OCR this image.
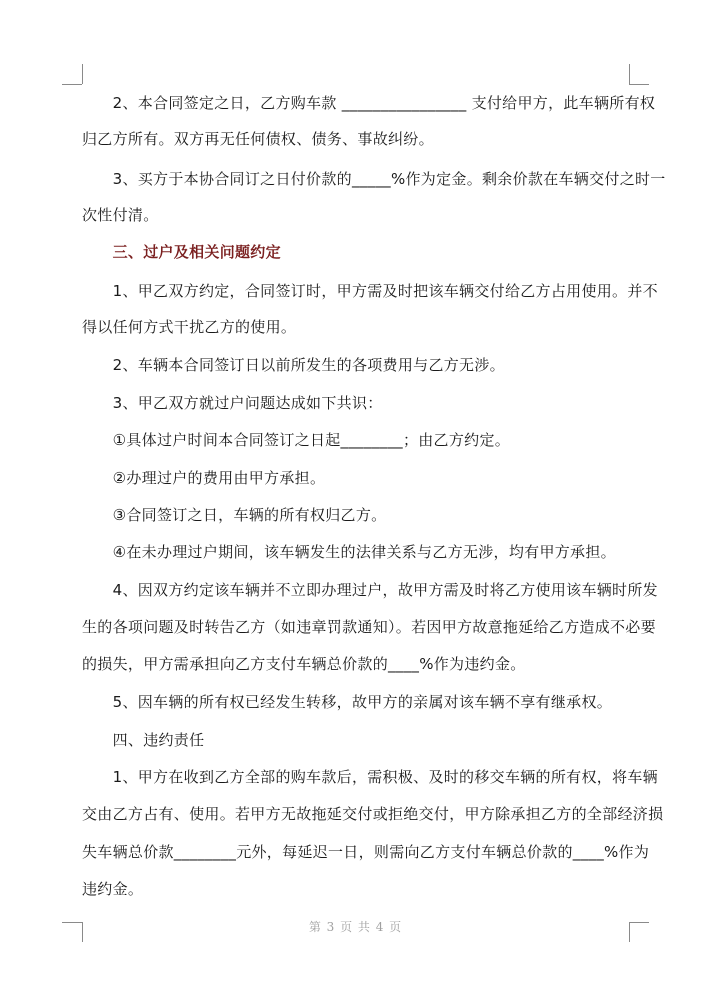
　　2、本合同签定之日，乙方购车款 ________________ 支付给甲方，此车辆所有权

归乙方所有。双方再无任何债权、债务、事故纠纷。

　　3、买方于本协合同订之日付价款的_____%作为定金。剩余价款在车辆交付之时一

次性付清。

　　三、过户及相关问题约定

　　1、甲乙双方约定，合同签订时，甲方需及时把该车辆交付给乙方占用使用。并不

得以任何方式干扰乙方的使用。

　　2、车辆本合同签订日以前所发生的各项费用与乙方无涉。

　　3、甲乙双方就过户问题达成如下共识：

　　①具体过户时间本合同签订之日起________；由乙方约定。

　　②办理过户的费用由甲方承担。

　　③合同签订之日，车辆的所有权归乙方。

　　④在未办理过户期间，该车辆发生的法律关系与乙方无涉，均有甲方承担。

　　4、因双方约定该车辆并不立即办理过户，故甲方需及时将乙方使用该车辆时所发

生的各项问题及时转告乙方（如违章罚款通知）。若因甲方故意拖延给乙方造成不必要

的损失，甲方需承担向乙方支付车辆总价款的____%作为违约金。

　　5、因车辆的所有权已经发生转移，故甲方的亲属对该车辆不享有继承权。

　　四、违约责任

　　1、甲方在收到乙方全部的购车款后，需积极、及时的移交车辆的所有权，将车辆

交由乙方占有、使用。若甲方无故拖延交付或拒绝交付，甲方除承担乙方的全部经济损

失车辆总价款________元外，每延迟一日，则需向乙方支付车辆总价款的____%作为

违约金。

第 3 页 共 4 页
